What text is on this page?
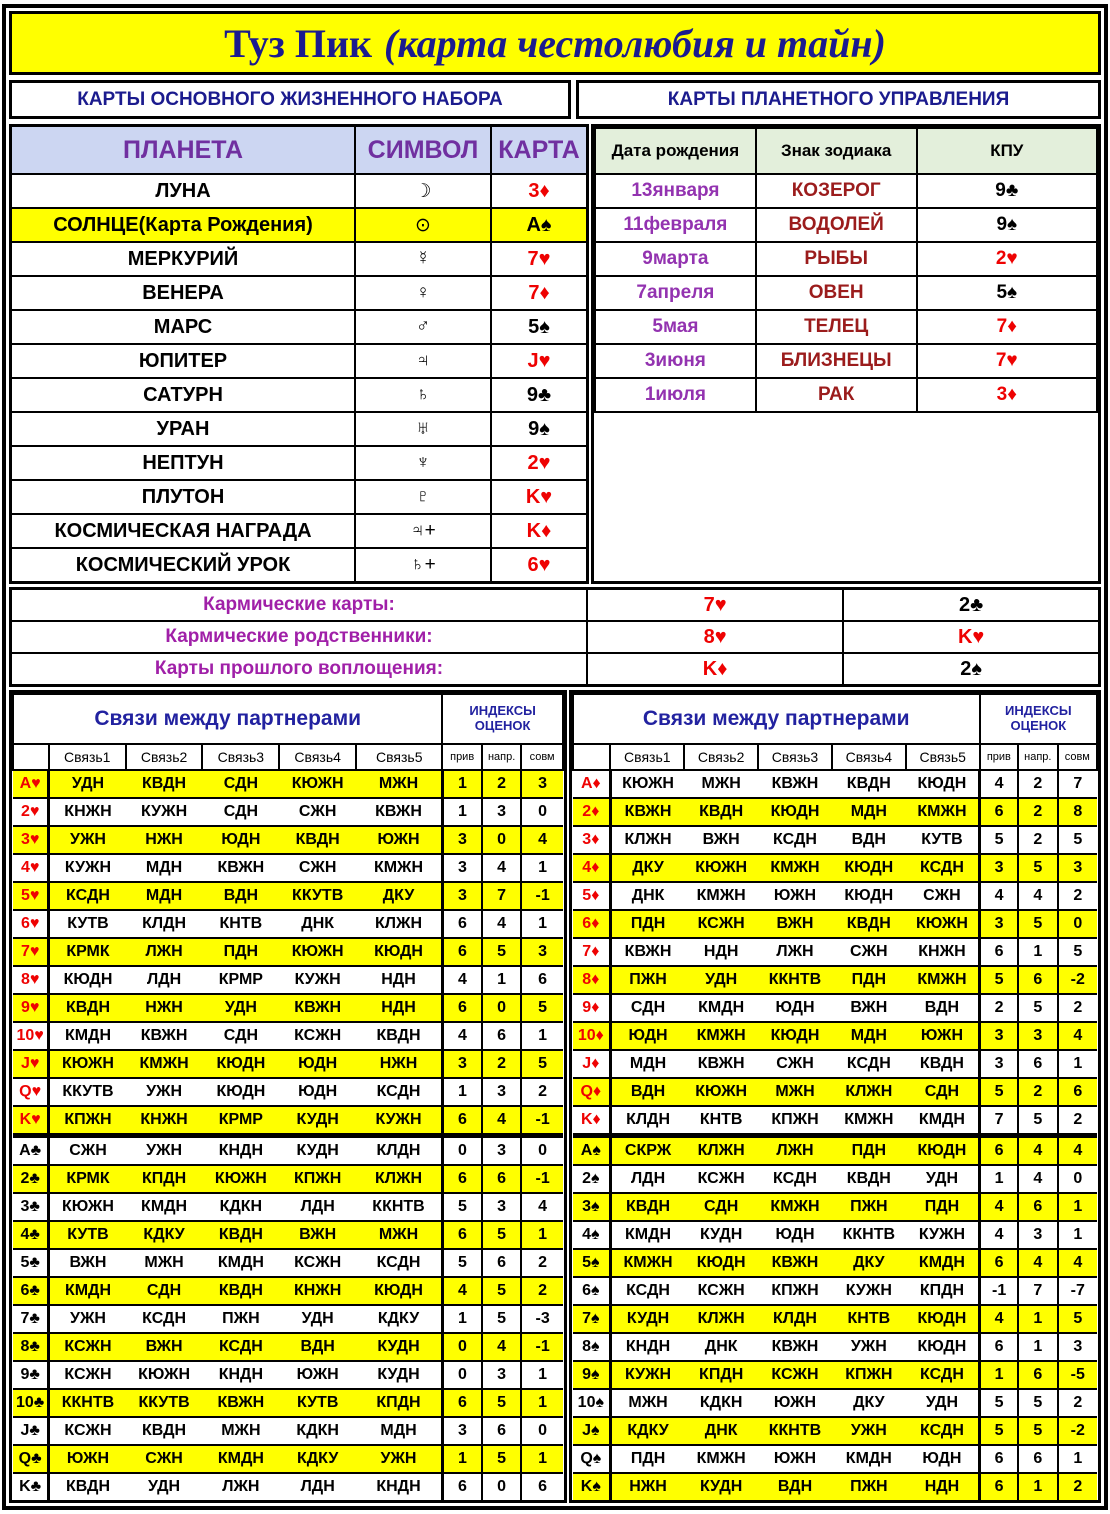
Туз Пик (карта честолюбия и тайн)
КАРТЫ ОСНОВНОГО ЖИЗНЕННОГО НАБОРА	КАРТЫ ПЛАНЕТНОГО УПРАВЛЕНИЯ
ПЛАНЕТА	СИМВОЛ	КАРТА
ЛУНА	☽	3♦
СОЛНЦЕ(Карта Рождения)	⊙	A♠
МЕРКУРИЙ	☿	7♥
ВЕНЕРА	♀	7♦
МАРС	♂	5♠
ЮПИТЕР	♃	J♥
САТУРН	♄	9♣
УРАН	♅	9♠
НЕПТУН	♆	2♥
ПЛУТОН	♇	K♥
КОСМИЧЕСКАЯ НАГРАДА	♃+	K♦
КОСМИЧЕСКИЙ УРОК	♄+	6♥
Дата рождения	Знак зодиака	КПУ
13января	КОЗЕРОГ	9♣
11февраля	ВОДОЛЕЙ	9♠
9марта	РЫБЫ	2♥
7апреля	ОВЕН	5♠
5мая	ТЕЛЕЦ	7♦
3июня	БЛИЗНЕЦЫ	7♥
1июля	РАК	3♦
Кармические карты:	7♥	2♣
Кармические родственники:	8♥	K♥
Карты прошлого воплощения:	K♦	2♠
Связи между партнерами						ИНДЕКСЫ ОЦЕНОК		
	Связь1	Связь2	Связь3	Связь4	Связь5	прив	напр.	совм
A♥	УДН	КВДН	СДН	КЮЖН	МЖН	1	2	3
2♥	КНЖН	КУЖН	СДН	СЖН	КВЖН	1	3	0
3♥	УЖН	НЖН	ЮДН	КВДН	ЮЖН	3	0	4
4♥	КУЖН	МДН	КВЖН	СЖН	КМЖН	3	4	1
5♥	КСДН	МДН	ВДН	ККУТВ	ДКУ	3	7	-1
6♥	КУТВ	КЛДН	КНТВ	ДНК	КЛЖН	6	4	1
7♥	КРМК	ЛЖН	ПДН	КЮЖН	КЮДН	6	5	3
8♥	КЮДН	ЛДН	КРМР	КУЖН	НДН	4	1	6
9♥	КВДН	НЖН	УДН	КВЖН	НДН	6	0	5
10♥	КМДН	КВЖН	СДН	КСЖН	КВДН	4	6	1
J♥	КЮЖН	КМЖН	КЮДН	ЮДН	НЖН	3	2	5
Q♥	ККУТВ	УЖН	КЮДН	ЮДН	КСДН	1	3	2
K♥	КПЖН	КНЖН	КРМР	КУДН	КУЖН	6	4	-1
A♣	СЖН	УЖН	КНДН	КУДН	КЛДН	0	3	0
2♣	КРМК	КПДН	КЮЖН	КПЖН	КЛЖН	6	6	-1
3♣	КЮЖН	КМДН	КДКН	ЛДН	ККНТВ	5	3	4
4♣	КУТВ	КДКУ	КВДН	ВЖН	МЖН	6	5	1
5♣	ВЖН	МЖН	КМДН	КСЖН	КСДН	5	6	2
6♣	КМДН	СДН	КВДН	КНЖН	КЮДН	4	5	2
7♣	УЖН	КСДН	ПЖН	УДН	КДКУ	1	5	-3
8♣	КСЖН	ВЖН	КСДН	ВДН	КУДН	0	4	-1
9♣	КСЖН	КЮЖН	КНДН	ЮЖН	КУДН	0	3	1
10♣	ККНТВ	ККУТВ	КВЖН	КУТВ	КПДН	6	5	1
J♣	КСЖН	КВДН	МЖН	КДКН	МДН	3	6	0
Q♣	ЮЖН	СЖН	КМДН	КДКУ	УЖН	1	5	1
K♣	КВДН	УДН	ЛЖН	ЛДН	КНДН	6	0	6
Связи между партнерами						ИНДЕКСЫ ОЦЕНОК		
	Связь1	Связь2	Связь3	Связь4	Связь5	прив	напр.	совм
A♦	КЮЖН	МЖН	КВЖН	КВДН	КЮДН	4	2	7
2♦	КВЖН	КВДН	КЮДН	МДН	КМЖН	6	2	8
3♦	КЛЖН	ВЖН	КСДН	ВДН	КУТВ	5	2	5
4♦	ДКУ	КЮЖН	КМЖН	КЮДН	КСДН	3	5	3
5♦	ДНК	КМЖН	ЮЖН	КЮДН	СЖН	4	4	2
6♦	ПДН	КСЖН	ВЖН	КВДН	КЮЖН	3	5	0
7♦	КВЖН	НДН	ЛЖН	СЖН	КНЖН	6	1	5
8♦	ПЖН	УДН	ККНТВ	ПДН	КМЖН	5	6	-2
9♦	СДН	КМДН	ЮДН	ВЖН	ВДН	2	5	2
10♦	ЮДН	КМЖН	КЮДН	МДН	ЮЖН	3	3	4
J♦	МДН	КВЖН	СЖН	КСДН	КВДН	3	6	1
Q♦	ВДН	КЮЖН	МЖН	КЛЖН	СДН	5	2	6
K♦	КЛДН	КНТВ	КПЖН	КМЖН	КМДН	7	5	2
A♠	СКРЖ	КЛЖН	ЛЖН	ПДН	КЮДН	6	4	4
2♠	ЛДН	КСЖН	КСДН	КВДН	УДН	1	4	0
3♠	КВДН	СДН	КМЖН	ПЖН	ПДН	4	6	1
4♠	КМДН	КУДН	ЮДН	ККНТВ	КУЖН	4	3	1
5♠	КМЖН	КЮДН	КВЖН	ДКУ	КМДН	6	4	4
6♠	КСДН	КСЖН	КПЖН	КУЖН	КПДН	-1	7	-7
7♠	КУДН	КЛЖН	КЛДН	КНТВ	КЮДН	4	1	5
8♠	КНДН	ДНК	КВЖН	УЖН	КЮДН	6	1	3
9♠	КУЖН	КПДН	КСЖН	КПЖН	КСДН	1	6	-5
10♠	МЖН	КДКН	ЮЖН	ДКУ	УДН	5	5	2
J♠	КДКУ	ДНК	ККНТВ	УЖН	КСДН	5	5	-2
Q♠	ПДН	КМЖН	ЮЖН	КМДН	ЮДН	6	6	1
K♠	НЖН	КУДН	ВДН	ПЖН	НДН	6	1	2
